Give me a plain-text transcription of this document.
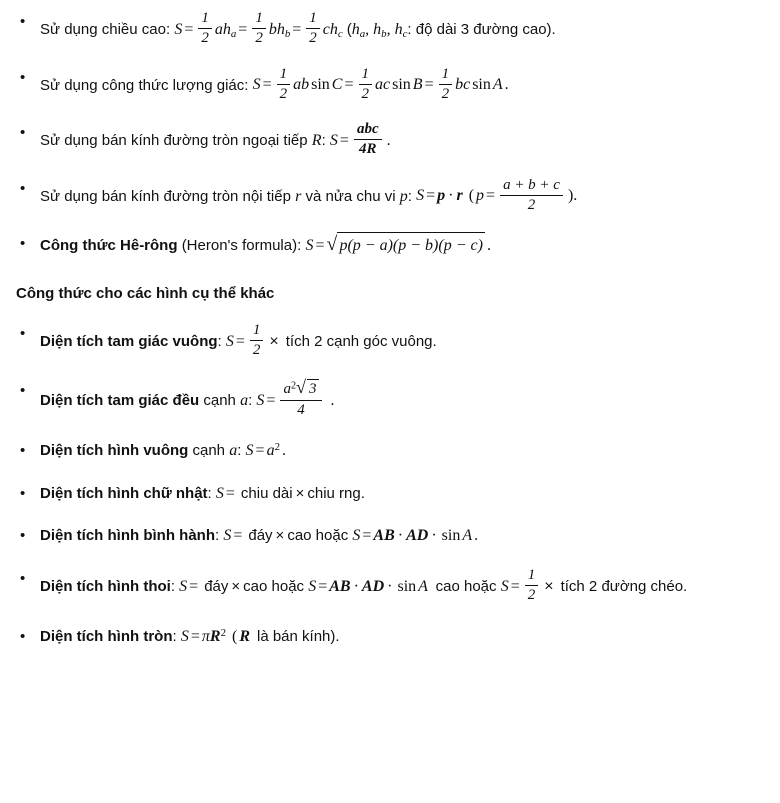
• Sử dụng chiều cao: $S = \frac{1}{2} ah_a = \frac{1}{2} bh_b = \frac{1}{2} ch_c$ ($h_a$, $h_b$, $h_c$: độ dài 3 đường cao).
• Sử dụng công thức lượng giác: $S = \frac{1}{2}$ ab $\sin C = \frac{1}{2}$ ac $\sin B = \frac{1}{2}$ bc sin A .
• Sử dụng bán kính đường tròn ngoại tiếp R: $S = \frac{\text{abc}}{4R}$ .
• Sử dụng bán kính đường tròn nội tiếp r và nửa chu vi p: S = p · r ( $p = \frac{a + b + c}{2}$ ).
• Công thức Hê-rông (Heron's formula): S = √ p(p − a)(p − b)(p − c) .
Công thức cho các hình cụ thể khác
• Diện tích tam giác vuông: $S = \frac{1}{2}$ × tích 2 cạnh góc vuông.
• Diện tích tam giác đều cạnh a: $S = \frac{a^2 √ 3}{4}$ .
• Diện tích hình vuông cạnh a: $S = a^2$ .
• Diện tích hình chữ nhật: S = chiu dài × chiu rng.
• Diện tích hình bình hành: S = đáy × cao hoặc S = AB · AD · sin A .
• Diện tích hình thoi: S = đáy × cao hoặc S = AB · AD · sin A cao hoặc $S = \frac{1}{2}$ × tích 2 đường chéo.
• Diện tích hình tròn: $S = \pi R^2$ ( R là bán kính).
